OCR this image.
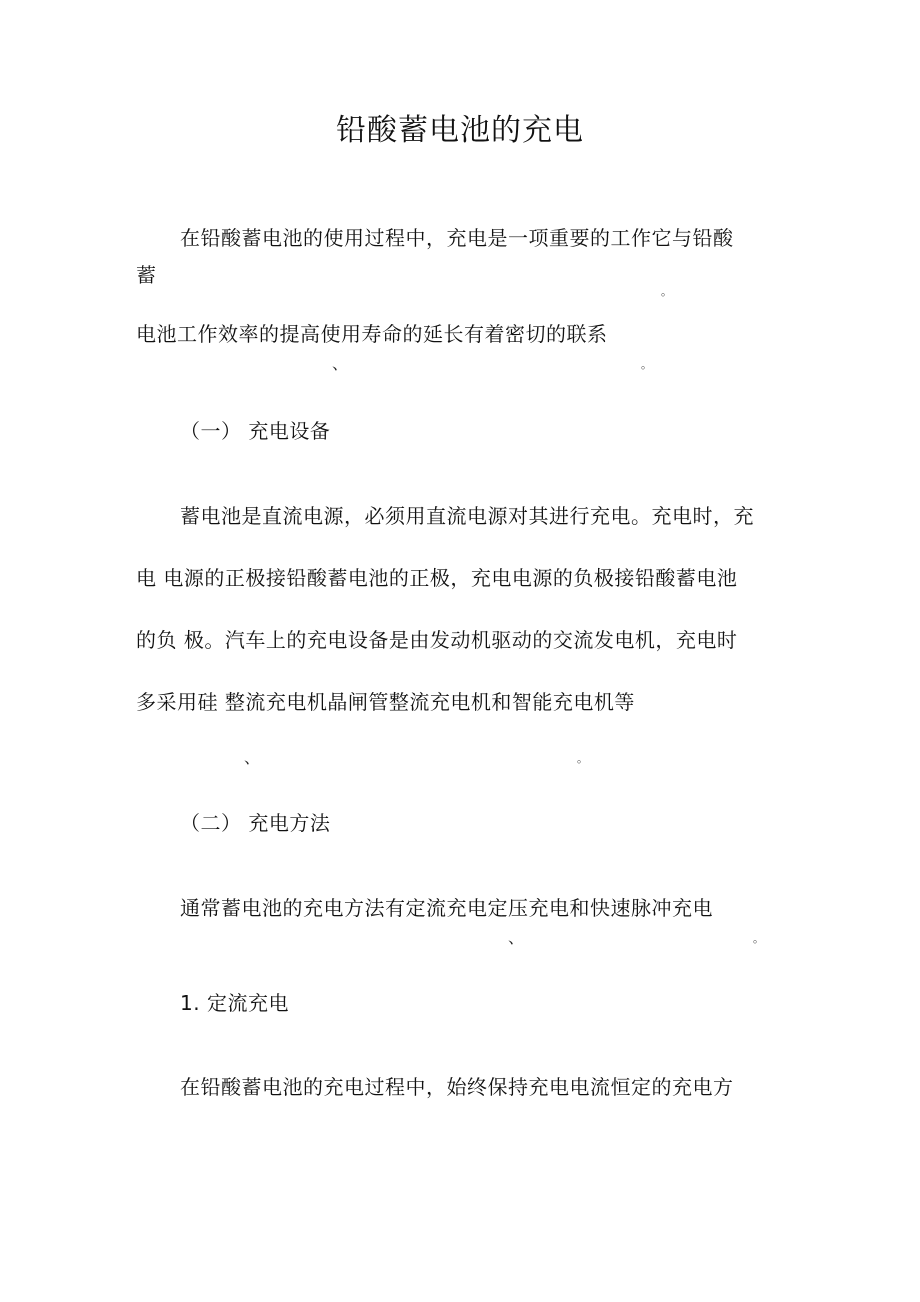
铅酸蓄电池的充电
在铅酸蓄电池的使用过程中，充电是一项重要的工作它与铅酸
蓄
。
电池工作效率的提高使用寿命的延长有着密切的联系
、	。
（一） 充电设备
蓄电池是直流电源，必须用直流电源对其进行充电。充电时，充
电 电源的正极接铅酸蓄电池的正极，充电电源的负极接铅酸蓄电池
的负 极。汽车上的充电设备是由发动机驱动的交流发电机，充电时
多采用硅 整流充电机晶闸管整流充电机和智能充电机等
、	。
（二） 充电方法
通常蓄电池的充电方法有定流充电定压充电和快速脉冲充电
、	。
1. 定流充电
在铅酸蓄电池的充电过程中，始终保持充电电流恒定的充电方
